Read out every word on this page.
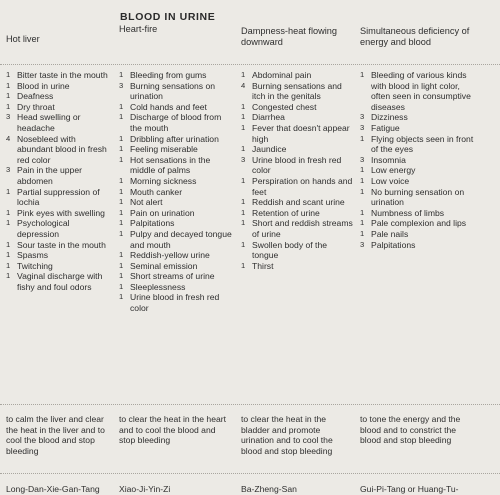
BLOOD IN URINE
Hot liver
1 Bitter taste in the mouth
1 Blood in urine
1 Deafness
1 Dry throat
3 Head swelling or headache
4 Nosebleed with abundant blood in fresh red color
3 Pain in the upper abdomen
1 Partial suppression of lochia
1 Pink eyes with swelling
1 Psychological depression
1 Sour taste in the mouth
1 Spasms
1 Twitching
1 Vaginal discharge with fishy and foul odors
to calm the liver and clear the heat in the liver and to cool the blood and stop bleeding
Long-Dan-Xie-Gan-Tang
Heart-fire
1 Bleeding from gums
3 Burning sensations on urination
1 Cold hands and feet
1 Discharge of blood from the mouth
1 Dribbling after urination
1 Feeling miserable
1 Hot sensations in the middle of palms
1 Morning sickness
1 Mouth canker
1 Not alert
1 Pain on urination
1 Palpitations
1 Pulpy and decayed tongue and mouth
1 Reddish-yellow urine
1 Seminal emission
1 Short streams of urine
1 Sleeplessness
1 Urine blood in fresh red color
to clear the heat in the heart and to cool the blood and stop bleeding
Xiao-Ji-Yin-Zi
Dampness-heat flowing downward
1 Abdominal pain
4 Burning sensations and itch in the genitals
1 Congested chest
1 Diarrhea
1 Fever that doesn't appear high
1 Jaundice
3 Urine blood in fresh red color
1 Perspiration on hands and feet
1 Reddish and scant urine
1 Retention of urine
1 Short and reddish streams of urine
1 Swollen body of the tongue
1 Thirst
to clear the heat in the bladder and promote urination and to cool the blood and stop bleeding
Ba-Zheng-San
Simultaneous deficiency of energy and blood
1 Bleeding of various kinds with blood in light color, often seen in consumptive diseases
3 Dizziness
3 Fatigue
1 Flying objects seen in front of the eyes
3 Insomnia
1 Low energy
1 Low voice
1 No burning sensation on urination
1 Numbness of limbs
1 Pale complexion and lips
1 Pale nails
3 Palpitations
to tone the energy and the blood and to constrict the blood and stop bleeding
Gui-Pi-Tang or Huang-Tu-
